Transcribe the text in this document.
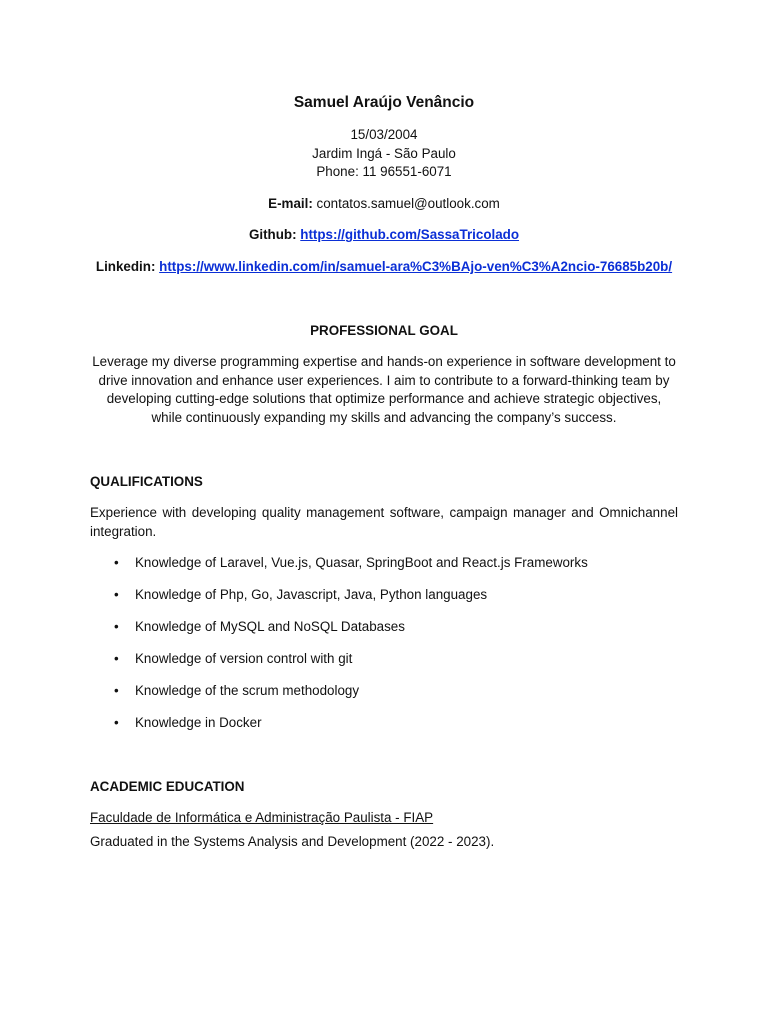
Samuel Araújo Venâncio

15/03/2004

Jardim Ingá - São Paulo

Phone: 11 96551-6071

E-mail: contatos.samuel@outlook.com

Github: https://github.com/SassaTricolado

Linkedin: https://www.linkedin.com/in/samuel-ara%C3%BAjo-ven%C3%A2ncio-76685b20b/

PROFESSIONAL GOAL

Leverage my diverse programming expertise and hands-on experience in software development to drive innovation and enhance user experiences. I aim to contribute to a forward-thinking team by developing cutting-edge solutions that optimize performance and achieve strategic objectives, while continuously expanding my skills and advancing the company’s success.

QUALIFICATIONS

Experience with developing quality management software, campaign manager and Omnichannel integration.

• Knowledge of Laravel, Vue.js, Quasar, SpringBoot and React.js Frameworks
• Knowledge of Php, Go, Javascript, Java, Python languages
• Knowledge of MySQL and NoSQL Databases
• Knowledge of version control with git
• Knowledge of the scrum methodology
• Knowledge in Docker

ACADEMIC EDUCATION

Faculdade de Informática e Administração Paulista - FIAP

Graduated in the Systems Analysis and Development (2022 - 2023).
